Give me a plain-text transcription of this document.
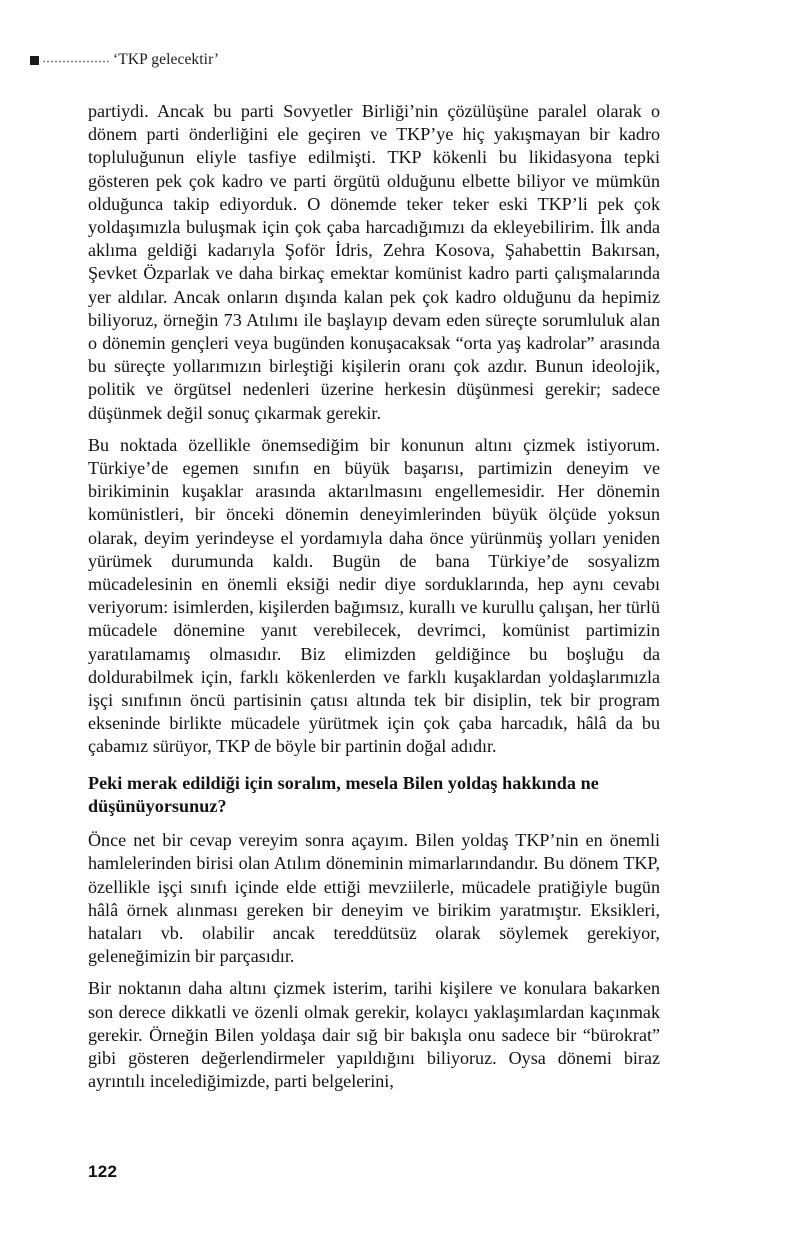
‘TKP gelecektir’

partiydi. Ancak bu parti Sovyetler Birliği’nin çözülüşüne paralel olarak o dönem parti önderliğini ele geçiren ve TKP’ye hiç yakışmayan bir kadro topluluğunun eliyle tasfiye edilmişti. TKP kökenli bu likidasyona tepki gösteren pek çok kadro ve parti örgütü olduğunu elbette biliyor ve mümkün olduğunca takip ediyorduk. O dönemde teker teker eski TKP’li pek çok yoldaşımızla buluşmak için çok çaba harcadığımızı da ekleyebilirim. İlk anda aklıma geldiği kadarıyla Şoför İdris, Zehra Kosova, Şahabettin Bakırsan, Şevket Özparlak ve daha birkaç emektar komünist kadro parti çalışmalarında yer aldılar. Ancak onların dışında kalan pek çok kadro olduğunu da hepimiz biliyoruz, örneğin 73 Atılımı ile başlayıp devam eden süreçte sorumluluk alan o dönemin gençleri veya bugünden konuşacaksak “orta yaş kadrolar” arasında bu süreçte yollarımızın birleştiği kişilerin oranı çok azdır. Bunun ideolojik, politik ve örgütsel nedenleri üzerine herkesin düşünmesi gerekir; sadece düşünmek değil sonuç çıkarmak gerekir.

Bu noktada özellikle önemsediğim bir konunun altını çizmek istiyorum. Türkiye’de egemen sınıfın en büyük başarısı, partimizin deneyim ve birikiminin kuşaklar arasında aktarılmasını engellemesidir. Her dönemin komünistleri, bir önceki dönemin deneyimlerinden büyük ölçüde yoksun olarak, deyim yerindeyse el yordamıyla daha önce yürünmüş yolları yeniden yürümek durumunda kaldı. Bugün de bana Türkiye’de sosyalizm mücadelesinin en önemli eksiği nedir diye sorduklarında, hep aynı cevabı veriyorum: isimlerden, kişilerden bağımsız, kurallı ve kurullu çalışan, her türlü mücadele dönemine yanıt verebilecek, devrimci, komünist partimizin yaratılamamış olmasıdır. Biz elimizden geldiğince bu boşluğu da doldurabilmek için, farklı kökenlerden ve farklı kuşaklardan yoldaşlarımızla işçi sınıfının öncü partisinin çatısı altında tek bir disiplin, tek bir program ekseninde birlikte mücadele yürütmek için çok çaba harcadık, hâlâ da bu çabamız sürüyor, TKP de böyle bir partinin doğal adıdır.

Peki merak edildiği için soralım, mesela Bilen yoldaş hakkında ne düşünüyorsunuz?

Önce net bir cevap vereyim sonra açayım. Bilen yoldaş TKP’nin en önemli hamlelerinden birisi olan Atılım döneminin mimarlarındandır. Bu dönem TKP, özellikle işçi sınıfı içinde elde ettiği mevziilerle, mücadele pratiğiyle bugün hâlâ örnek alınması gereken bir deneyim ve birikim yaratmıştır. Eksikleri, hataları vb. olabilir ancak tereddütsüz olarak söylemek gerekiyor, geleneğimizin bir parçasıdır.

Bir noktanın daha altını çizmek isterim, tarihi kişilere ve konulara bakarken son derece dikkatli ve özenli olmak gerekir, kolaycı yaklaşımlardan kaçınmak gerekir. Örneğin Bilen yoldaşa dair sığ bir bakışla onu sadece bir “bürokrat” gibi gösteren değerlendirmeler yapıldığını biliyoruz. Oysa dönemi biraz ayrıntılı incelediğimizde, parti belgelerini,

122
